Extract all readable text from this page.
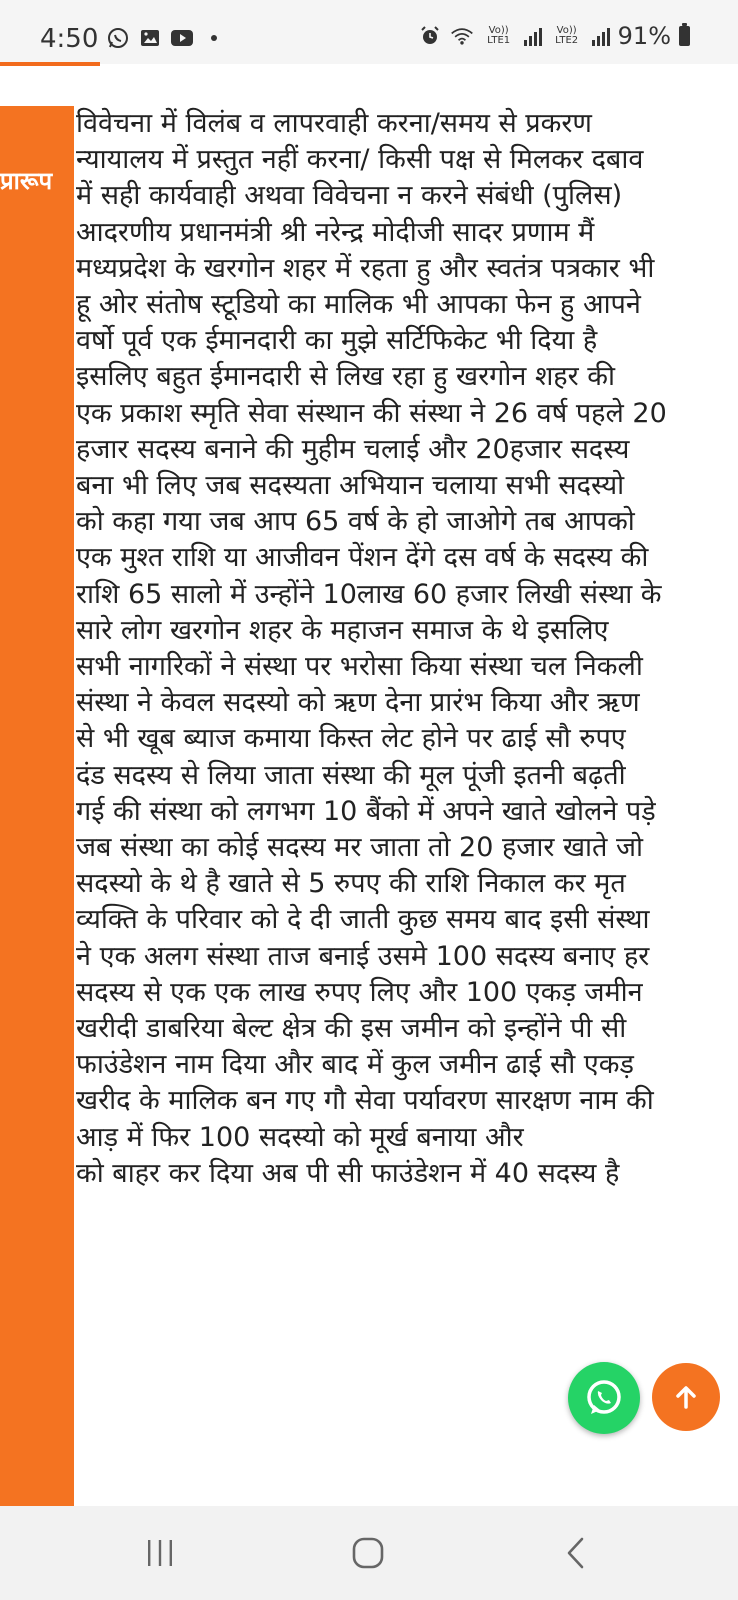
4:50	Vo)) LTE1
Vo)) LTE2 91%
प्रारूप
विवेचना में विलंब व लापरवाही करना/समय से प्रकरण
न्यायालय में प्रस्तुत नहीं करना/ किसी पक्ष से मिलकर दबाव
में सही कार्यवाही अथवा विवेचना न करने संबंधी (पुलिस)
आदरणीय प्रधानमंत्री श्री नरेन्द्र मोदीजी सादर प्रणाम मैं
मध्यप्रदेश के खरगोन शहर में रहता हु और स्वतंत्र पत्रकार भी
हू ओर संतोष स्टूडियो का मालिक भी आपका फेन हु आपने
वर्षो पूर्व एक ईमानदारी का मुझे सर्टिफिकेट भी दिया है
इसलिए बहुत ईमानदारी से लिख रहा हु खरगोन शहर की
एक प्रकाश स्मृति सेवा संस्थान की संस्था ने 26 वर्ष पहले 20
हजार सदस्य बनाने की मुहीम चलाई और 20हजार सदस्य
बना भी लिए जब सदस्यता अभियान चलाया सभी सदस्यो
को कहा गया जब आप 65 वर्ष के हो जाओगे तब आपको
एक मुश्त राशि या आजीवन पेंशन देंगे दस वर्ष के सदस्य की
राशि 65 सालो में उन्होंने 10लाख 60 हजार लिखी संस्था के
सारे लोग खरगोन शहर के महाजन समाज के थे इसलिए
सभी नागरिकों ने संस्था पर भरोसा किया संस्था चल निकली
संस्था ने केवल सदस्यो को ऋण देना प्रारंभ किया और ऋण
से भी खूब ब्याज कमाया किस्त लेट होने पर ढाई सौ रुपए
दंड सदस्य से लिया जाता संस्था की मूल पूंजी इतनी बढ़ती
गई की संस्था को लगभग 10 बैंको में अपने खाते खोलने पड़े
जब संस्था का कोई सदस्य मर जाता तो 20 हजार खाते जो
सदस्यो के थे है खाते से 5 रुपए की राशि निकाल कर मृत
व्यक्ति के परिवार को दे दी जाती कुछ समय बाद इसी संस्था
ने एक अलग संस्था ताज बनाई उसमे 100 सदस्य बनाए हर
सदस्य से एक एक लाख रुपए लिए और 100 एकड़ जमीन
खरीदी डाबरिया बेल्ट क्षेत्र की इस जमीन को इन्होंने पी सी
फाउंडेशन नाम दिया और बाद में कुल जमीन ढाई सौ एकड़
खरीद के मालिक बन गए गौ सेवा पर्यावरण सारक्षण नाम की
आड़ में फिर 100 सदस्यो को मूर्ख बनाया और
को बाहर कर दिया अब पी सी फाउंडेशन में 40 सदस्य है
